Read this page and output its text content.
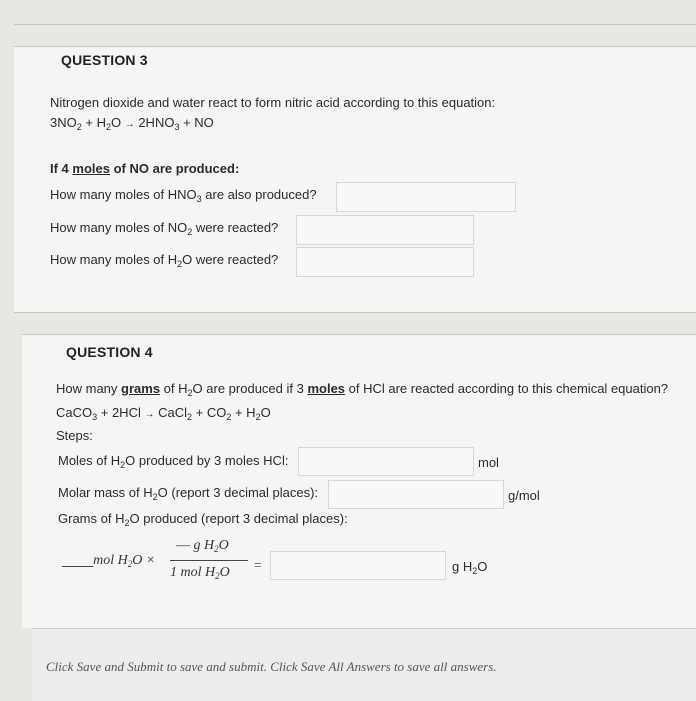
QUESTION 3
Nitrogen dioxide and water react to form nitric acid according to this equation:
$3NO_2 + H_2O \to 2HNO_3$ + NO
If 4 moles of NO are produced:
How many moles of $HNO_3$ are also produced?
How many moles of $NO_2$ were reacted?
How many moles of $H_2O$ were reacted?
QUESTION 4
How many grams of $H_2O$ are produced if 3 moles of HCl are reacted according to this chemical equation?
CaCO$_3$ + 2HCl → CaCl$_2$ + $CO_2 + H_2O$
Steps:
Moles of $H_2O$ produced by 3 moles HCl:	mol
Molar mass of $H_2O$ (report 3 decimal places):	g/mol
Grams of $H_2O$ produced (report 3 decimal places):
____mol $H_2O$ ×
— g $H_2O$
1 mol $H_2O$
=	g $H_2O$
Click Save and Submit to save and submit. Click Save All Answers to save all answers.
